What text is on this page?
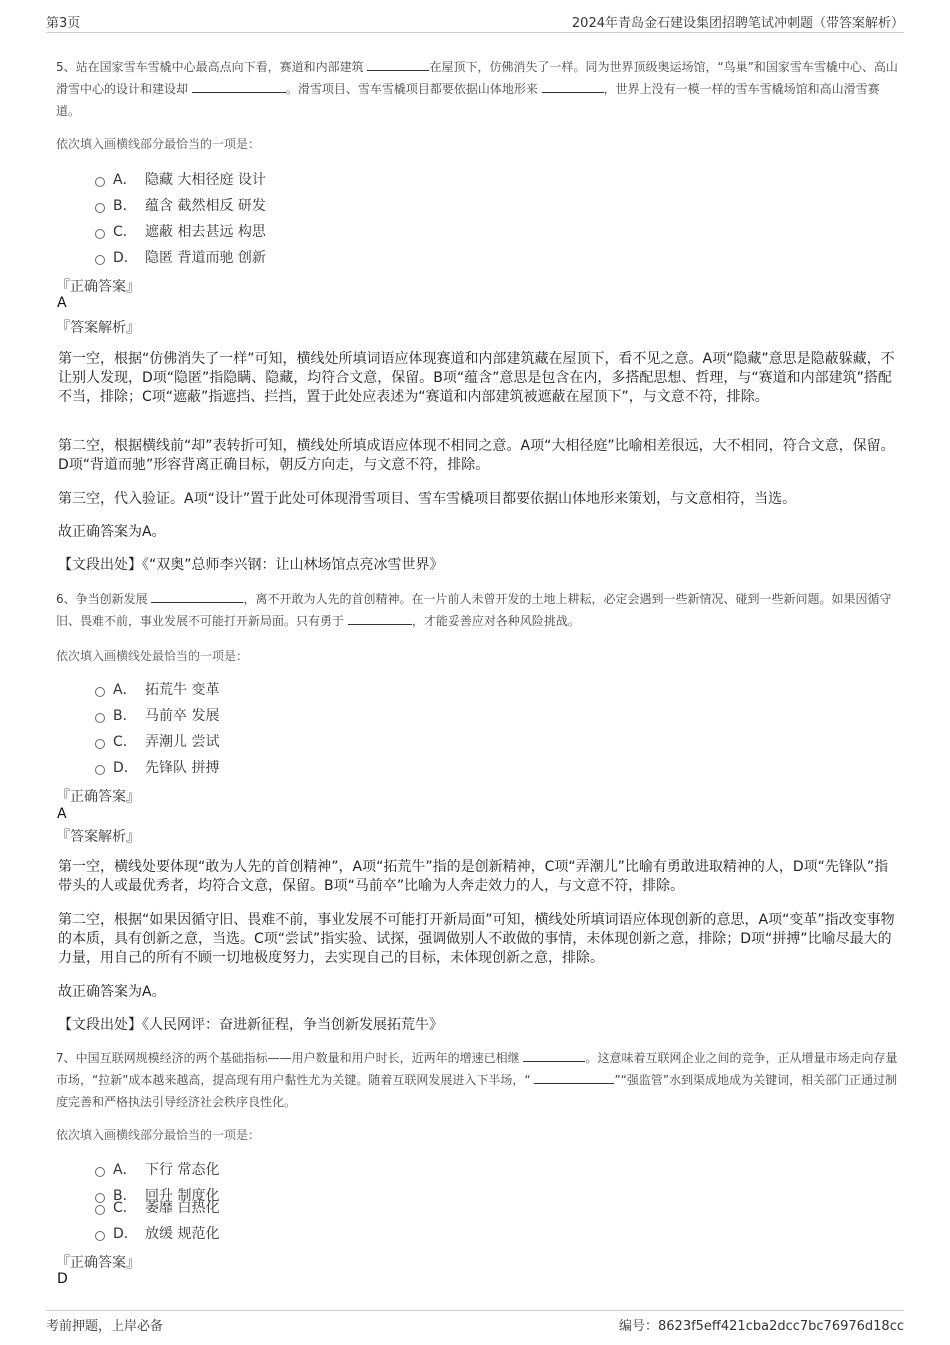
第3页	2024年青岛金石建设集团招聘笔试冲刺题（带答案解析）
5、站在国家雪车雪橇中心最高点向下看，赛道和内部建筑	在屋顶下，仿佛消失了一样。同为世界顶级奥运场馆，“鸟巢”和国家雪车雪橇中心、高山滑雪中心的设计和建设却	。滑雪项目、雪车雪橇项目都要依据山体地形来	，世界上没有一模一样的雪车雪橇场馆和高山滑雪赛道。
依次填入画横线部分最恰当的一项是：
A． 隐藏 大相径庭 设计
B． 蕴含 截然相反 研发
C． 遮蔽 相去甚远 构思
D． 隐匿 背道而驰 创新
『正确答案』
A
『答案解析』
第一空，根据“仿佛消失了一样”可知，横线处所填词语应体现赛道和内部建筑藏在屋顶下，看不见之意。A项“隐藏”意思是隐蔽躲藏，不让别人发现，D项“隐匿”指隐瞒、隐藏，均符合文意，保留。B项“蕴含”意思是包含在内，多搭配思想、哲理，与“赛道和内部建筑”搭配不当，排除；C项“遮蔽”指遮挡、拦挡，置于此处应表述为“赛道和内部建筑被遮蔽在屋顶下”，与文意不符，排除。
第二空，根据横线前“却”表转折可知，横线处所填成语应体现不相同之意。A项“大相径庭”比喻相差很远，大不相同，符合文意，保留。D项“背道而驰”形容背离正确目标，朝反方向走，与文意不符，排除。
第三空，代入验证。A项“设计”置于此处可体现滑雪项目、雪车雪橇项目都要依据山体地形来策划，与文意相符，当选。
故正确答案为A。
【文段出处】《“双奥”总师李兴钢：让山林场馆点亮冰雪世界》
6、争当创新发展	，离不开敢为人先的首创精神。在一片前人未曾开发的土地上耕耘，必定会遇到一些新情况、碰到一些新问题。如果因循守旧、畏难不前，事业发展不可能打开新局面。只有勇于	，才能妥善应对各种风险挑战。
依次填入画横线处最恰当的一项是：
A． 拓荒牛 变革
B． 马前卒 发展
C． 弄潮儿 尝试
D． 先锋队 拼搏
『正确答案』
A
『答案解析』
第一空，横线处要体现“敢为人先的首创精神”，A项“拓荒牛”指的是创新精神，C项“弄潮儿”比喻有勇敢进取精神的人，D项“先锋队”指带头的人或最优秀者，均符合文意，保留。B项“马前卒”比喻为人奔走效力的人，与文意不符，排除。
第二空，根据“如果因循守旧、畏难不前，事业发展不可能打开新局面”可知，横线处所填词语应体现创新的意思，A项“变革”指改变事物的本质，具有创新之意，当选。C项“尝试”指实验、试探，强调做别人不敢做的事情，未体现创新之意，排除；D项“拼搏”比喻尽最大的力量，用自己的所有不顾一切地极度努力，去实现自己的目标，未体现创新之意，排除。
故正确答案为A。
【文段出处】《人民网评：奋进新征程，争当创新发展拓荒牛》
7、中国互联网规模经济的两个基础指标——用户数量和用户时长，近两年的增速已相继	。这意味着互联网企业之间的竞争，正从增量市场走向存量市场，“拉新”成本越来越高，提高现有用户黏性尤为关键。随着互联网发展进入下半场，“	”“强监管”水到渠成地成为关键词，相关部门正通过制度完善和严格执法引导经济社会秩序良性化。
依次填入画横线部分最恰当的一项是：
A． 下行 常态化
B． 回升 制度化
C． 萎靡 白热化
D． 放缓 规范化
『正确答案』
D
考前押题，上岸必备	编号：8623f5eff421cba2dcc7bc76976d18cc
